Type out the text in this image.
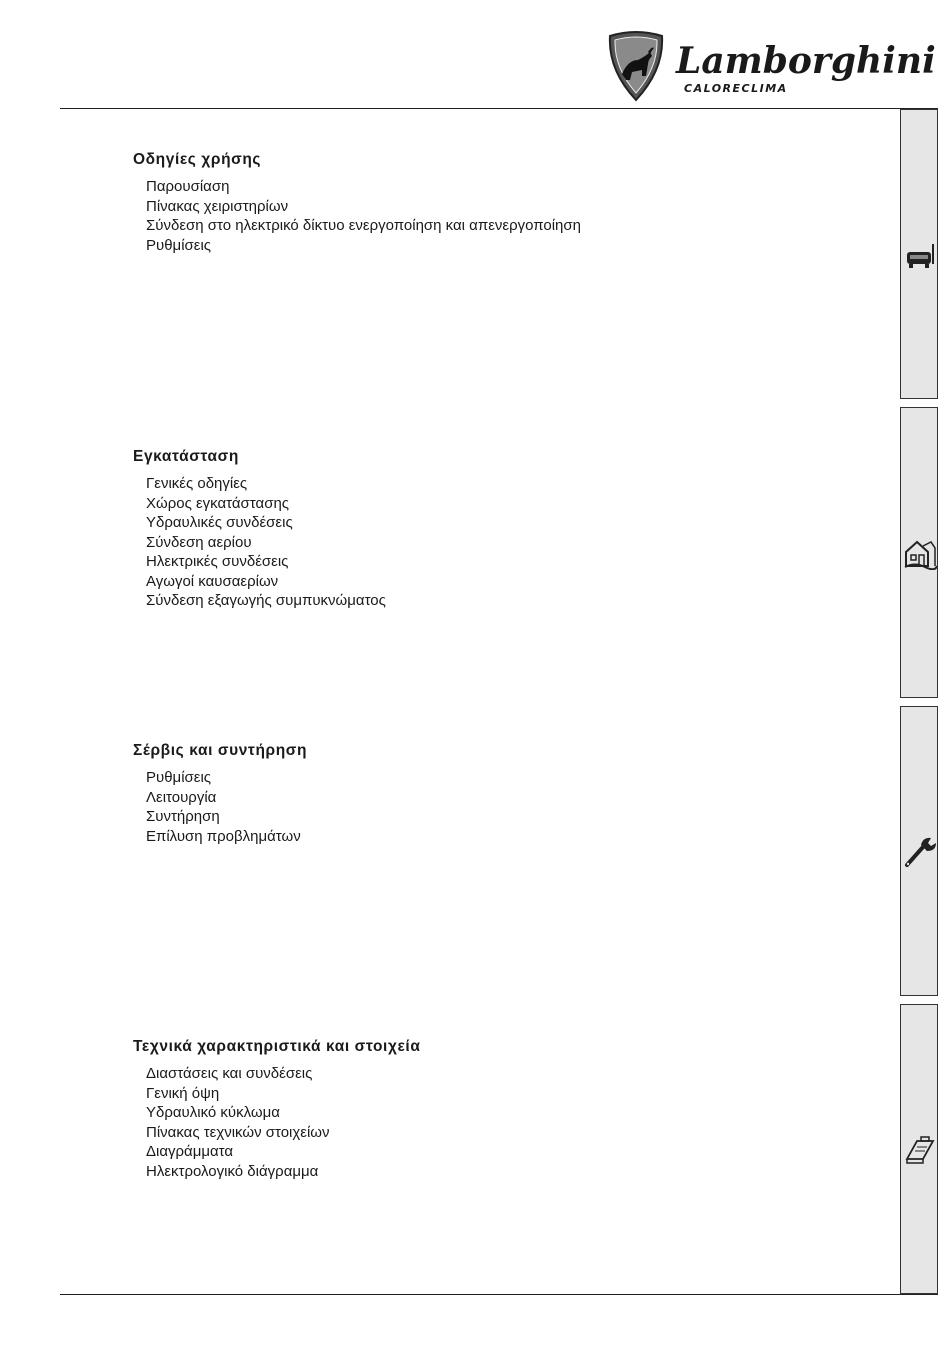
Lamborghini
CALORECLIMA
Οδηγίες χρήσης
Παρουσίαση
Πίνακας χειριστηρίων
Σύνδεση στο ηλεκτρικό δίκτυο ενεργοποίηση και απενεργοποίηση
Ρυθμίσεις
Εγκατάσταση
Γενικές οδηγίες
Χώρος εγκατάστασης
Υδραυλικές συνδέσεις
Σύνδεση αερίου
Ηλεκτρικές συνδέσεις
Αγωγοί καυσαερίων
Σύνδεση εξαγωγής συμπυκνώματος
Σέρβις και συντήρηση
Ρυθμίσεις
Λειτουργία
Συντήρηση
Επίλυση προβλημάτων
Τεχνικά χαρακτηριστικά και στοιχεία
Διαστάσεις και συνδέσεις
Γενική όψη
Υδραυλικό κύκλωμα
Πίνακας τεχνικών στοιχείων
Διαγράμματα
Ηλεκτρολογικό διάγραμμα
